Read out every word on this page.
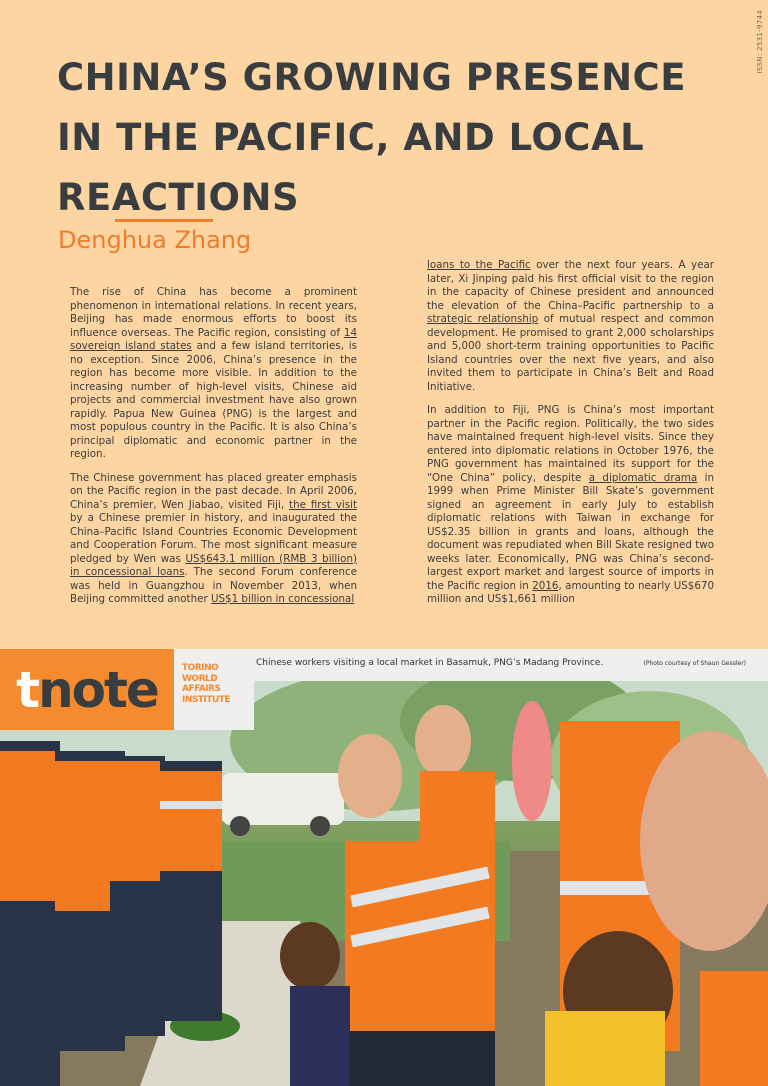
ISSN: 2531-9744
CHINA’S GROWING PRESENCE IN THE PACIFIC, AND LOCAL REACTIONS
Denghua Zhang

The rise of China has become a prominent phenomenon in international relations. In recent years, Beijing has made enormous efforts to boost its influence overseas. The Pacific region, consisting of 14 sovereign island states and a few island territories, is no exception. Since 2006, China’s presence in the region has become more visible. In addition to the increasing number of high-level visits, Chinese aid projects and commercial investment have also grown rapidly. Papua New Guinea (PNG) is the largest and most populous country in the Pacific. It is also China’s principal diplomatic and economic partner in the region.

The Chinese government has placed greater emphasis on the Pacific region in the past decade. In April 2006, China’s premier, Wen Jiabao, visited Fiji, the first visit by a Chinese premier in history, and inaugurated the China–Pacific Island Countries Economic Development and Cooperation Forum. The most significant measure pledged by Wen was US$643.1 million (RMB 3 billion) in concessional loans. The second Forum conference was held in Guangzhou in November 2013, when Beijing committed another US$1 billion in concessional

loans to the Pacific over the next four years. A year later, Xi Jinping paid his first official visit to the region in the capacity of Chinese president and announced the elevation of the China–Pacific partnership to a strategic relationship of mutual respect and common development. He promised to grant 2,000 scholarships and 5,000 short-term training opportunities to Pacific Island countries over the next five years, and also invited them to participate in China’s Belt and Road Initiative.

In addition to Fiji, PNG is China’s most important partner in the Pacific region. Politically, the two sides have maintained frequent high-level visits. Since they entered into diplomatic relations in October 1976, the PNG government has maintained its support for the “One China” policy, despite a diplomatic drama in 1999 when Prime Minister Bill Skate’s government signed an agreement in early July to establish diplomatic relations with Taiwan in exchange for US$2.35 billion in grants and loans, although the document was repudiated when Bill Skate resigned two weeks later. Economically, PNG was China’s second-largest export market and largest source of imports in the Pacific region in 2016, amounting to nearly US$670 million and US$1,661 million

tnote	TORINO
WORLD
AFFAIRS
INSTITUTE
Chinese workers visiting a local market in Basamuk, PNG’s Madang Province.	(Photo courtesy of Shaun Gessler)
